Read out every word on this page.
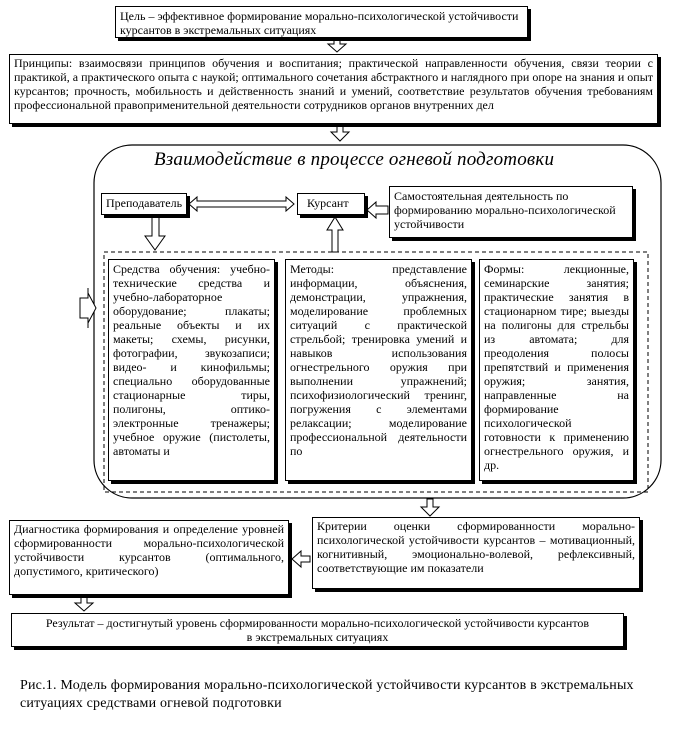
Цель – эффективное формирование морально-психологической устойчивости курсантов в экстремальных ситуациях
Принципы: взаимосвязи принципов обучения и воспитания; практической направленности обучения, связи теории с практикой, а практического опыта с наукой; оптимального сочетания абстрактного и наглядного при опоре на знания и опыт курсантов; прочность, мобильность и действенность знаний и умений, соответствие результатов обучения требованиям профессиональной правоприменительной деятельности сотрудников органов внутренних дел
Взаимодействие в процессе огневой подготовки
Преподаватель	Курсант	Самостоятельная деятельность по формированию морально-психологической устойчивости
Средства обучения: учебно-технические средства и учебно-лабораторное оборудование; плакаты; реальные объекты и их макеты; схемы, рисунки, фотографии, звукозаписи; видео- и кинофильмы; специально оборудованные стационарные тиры, полигоны, оптико-электронные тренажеры; учебное оружие (пистолеты, автоматы и
Методы: представление информации, объяснения, демонстрации, упражнения, моделирование проблемных ситуаций с практической стрельбой; тренировка умений и навыков использования огнестрельного оружия при выполнении упражнений; психофизиологический тренинг, погружения с элементами релаксации; моделирование профессиональной деятельности по
Формы: лекционные, семинарские занятия; практические занятия в стационарном тире; выезды на полигоны для стрельбы из автомата; для преодоления полосы препятствий и применения оружия; занятия, направленные на формирование психологической готовности к применению огнестрельного оружия, и др.
Диагностика формирования и определение уровней сформированности морально-психологической устойчивости курсантов (оптимального, допустимого, критического)
Критерии оценки сформированности морально-психологической устойчивости курсантов – мотивационный, когнитивный, эмоционально-волевой, рефлексивный, соответствующие им показатели
Результат – достигнутый уровень сформированности морально-психологической устойчивости курсантов в экстремальных ситуациях
Рис.1. Модель формирования морально-психологической устойчивости курсантов в экстремальных ситуациях средствами огневой подготовки
